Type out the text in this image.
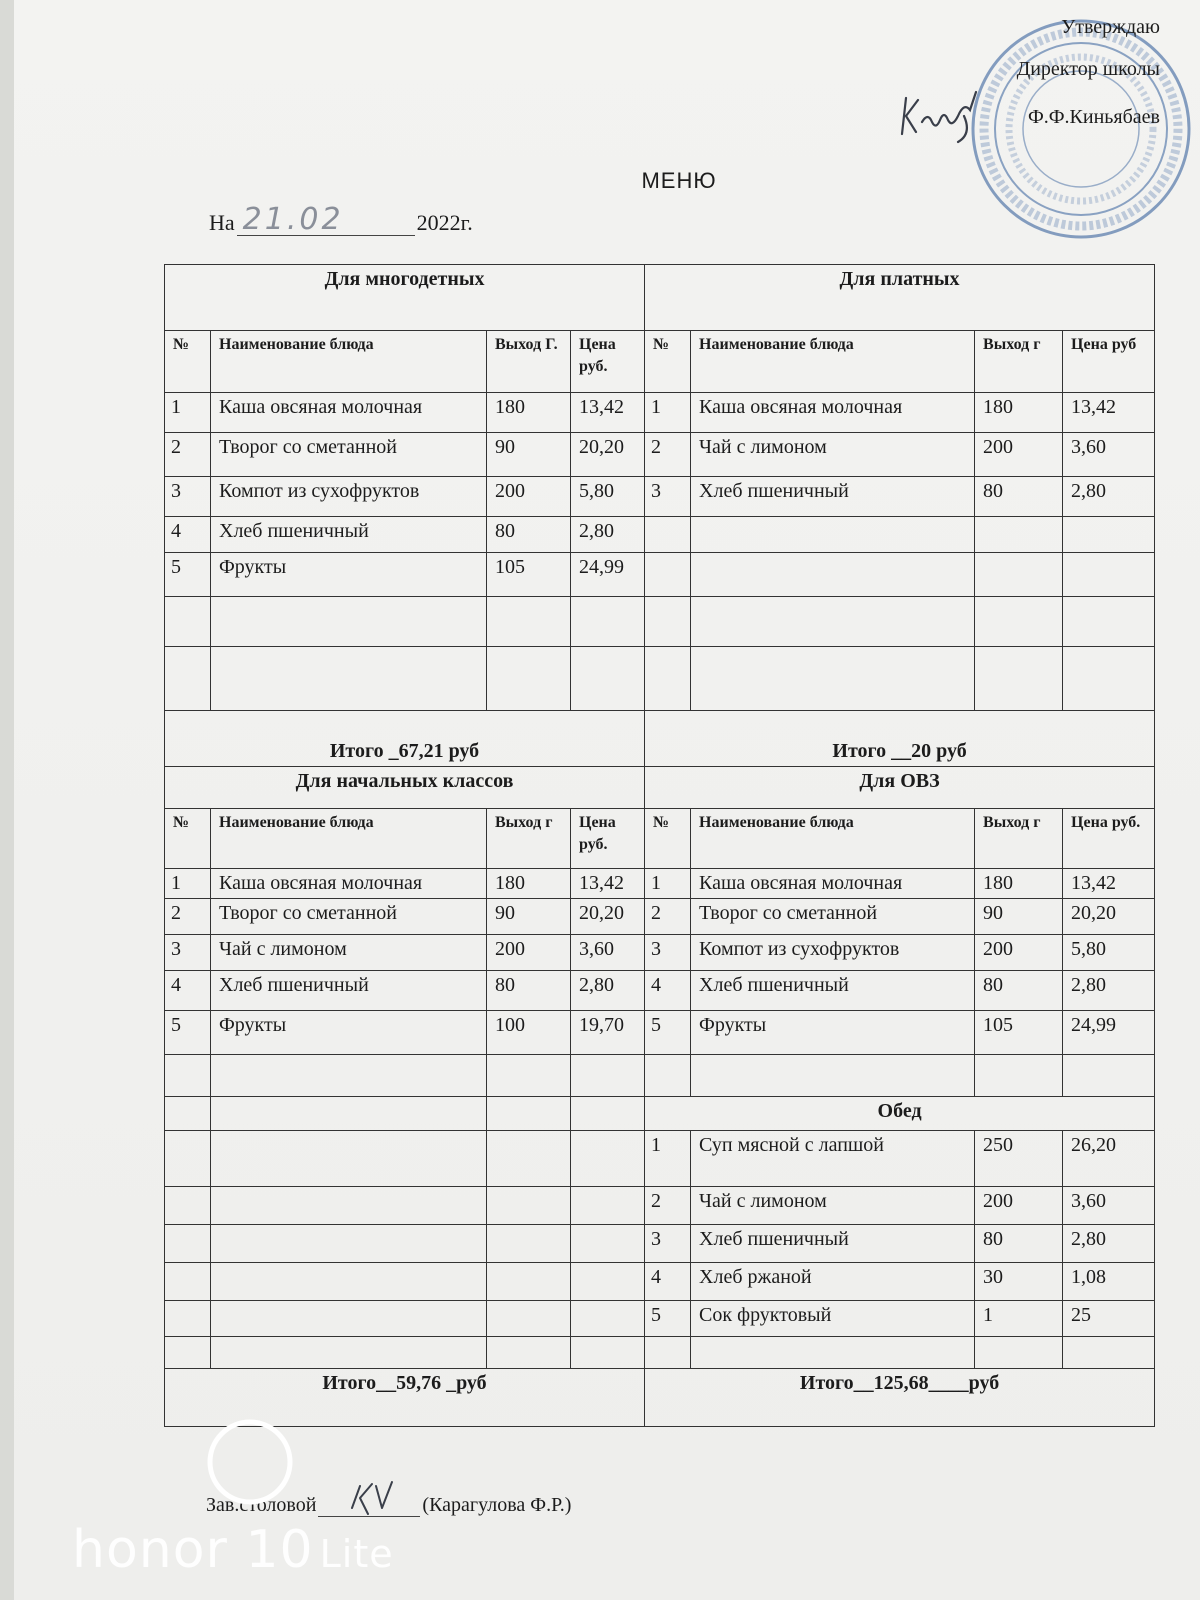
Утверждаю
Директор школы
Ф.Ф.Киньябаев
МЕНЮ
На 21.02	2022г.
Для многодетных				Для платных			
№	Наименование блюда	Выход Г.	Цена руб.	№	Наименование блюда	Выход г	Цена руб
1	Каша овсяная молочная	180	13,42	1	Каша овсяная молочная	180	13,42
2	Творог со сметанной	90	20,20	2	Чай с лимоном	200	3,60
3	Компот из сухофруктов	200	5,80	3	Хлеб пшеничный	80	2,80
4	Хлеб пшеничный	80	2,80				
5	Фрукты	105	24,99				

Итого _67,21 руб				Итого __20 руб			
Для начальных классов				Для ОВЗ			
№	Наименование блюда	Выход г	Цена руб.	№	Наименование блюда	Выход г	Цена руб.
1	Каша овсяная молочная	180	13,42	1	Каша овсяная молочная	180	13,42
2	Творог со сметанной	90	20,20	2	Творог со сметанной	90	20,20
3	Чай с лимоном	200	3,60	3	Компот из сухофруктов	200	5,80
4	Хлеб пшеничный	80	2,80	4	Хлеб пшеничный	80	2,80
5	Фрукты	100	19,70	5	Фрукты	105	24,99

				Обед			
				1	Суп мясной с лапшой	250	26,20
				2	Чай с лимоном	200	3,60
				3	Хлеб пшеничный	80	2,80
				4	Хлеб ржаной	30	1,08
				5	Сок фруктовый	1	25

Итого__59,76 _руб				Итого__125,68____руб			
Зав.столовой	(Карагулова Ф.Р.)
honor 10 Lite
